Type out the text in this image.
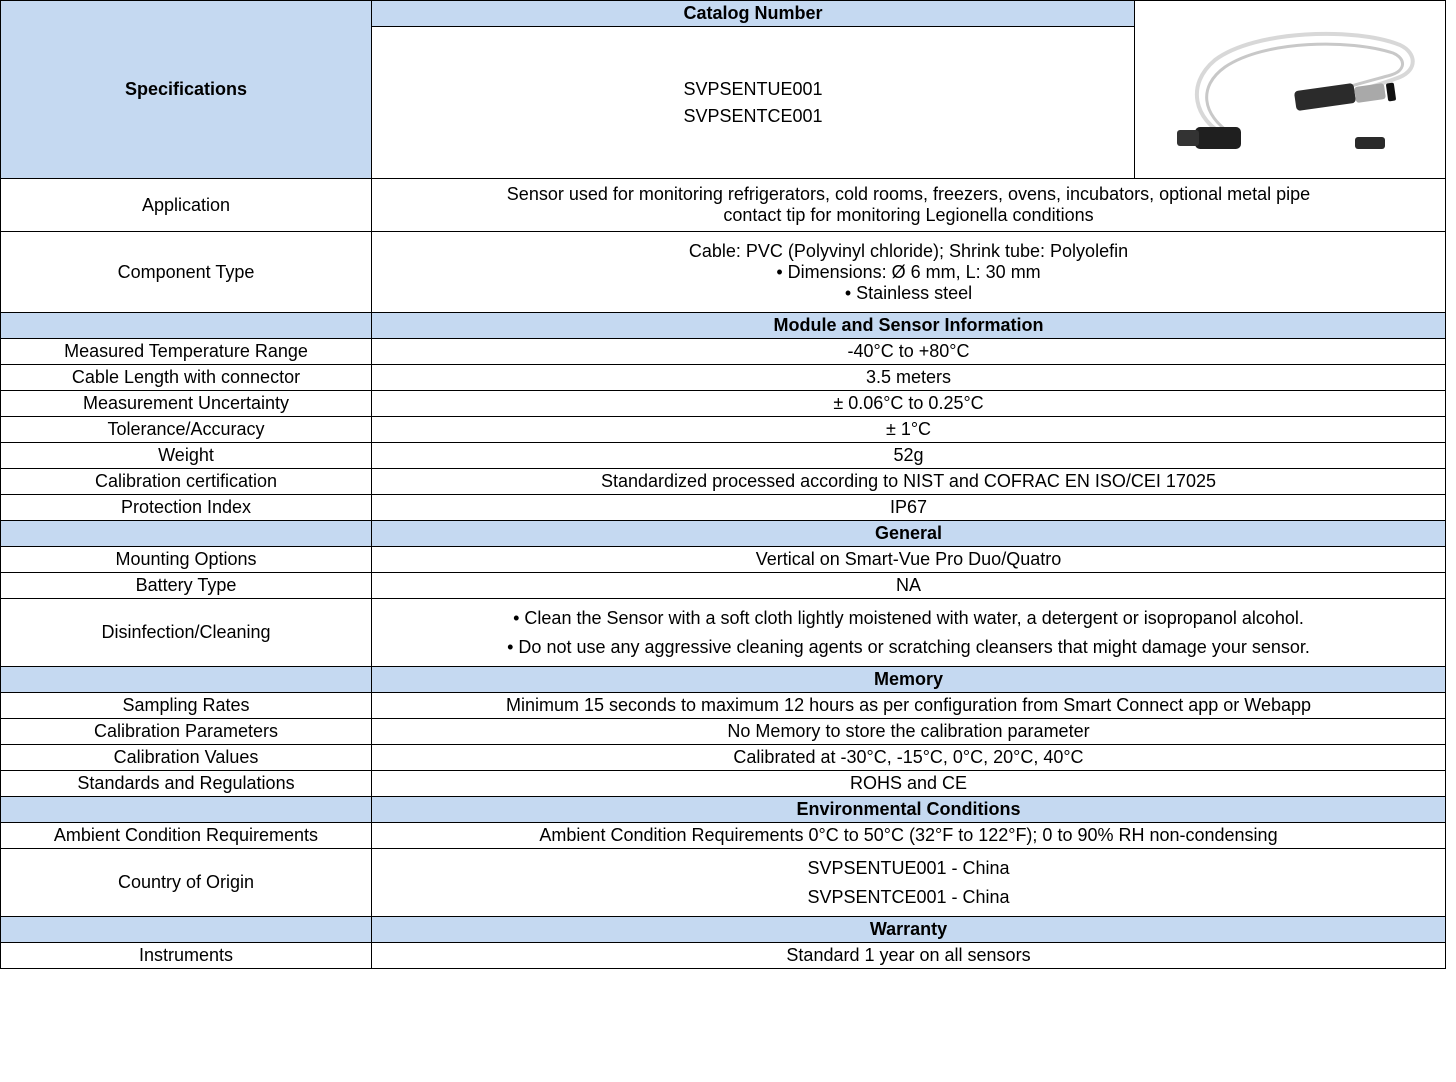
Specifications	Catalog Number	

	SVPSENTUE001
SVPSENTCE001	

Application	Sensor used for monitoring refrigerators, cold rooms, freezers, ovens, incubators, optional metal pipe
contact tip for monitoring Legionella conditions	

Component Type	Cable: PVC (Polyvinyl chloride); Shrink tube: Polyolefin
• Dimensions: Ø 6 mm, L: 30 mm
• Stainless steel	

	Module and Sensor Information	
Measured Temperature Range	-40°C to +80°C	
Cable Length with connector	3.5 meters	
Measurement Uncertainty	± 0.06°C to 0.25°C	
Tolerance/Accuracy	± 1°C	
Weight	52g	
Calibration certification	Standardized processed according to NIST and COFRAC EN ISO/CEI 17025	
Protection Index	IP67	
	General	
Mounting Options	Vertical on Smart-Vue Pro Duo/Quatro	
Battery Type	NA	
Disinfection/Cleaning	• Clean the Sensor with a soft cloth lightly moistened with water, a detergent or isopropanol alcohol.
• Do not use any aggressive cleaning agents or scratching cleansers that might damage your sensor.	

	Memory	
Sampling Rates	Minimum 15 seconds to maximum 12 hours as per configuration from Smart Connect app or Webapp	
Calibration Parameters	No Memory to store the calibration parameter	
Calibration Values	Calibrated at -30°C, -15°C, 0°C, 20°C, 40°C	
Standards and Regulations	ROHS and CE	
	Environmental Conditions	
Ambient Condition Requirements	Ambient Condition Requirements 0°C to 50°C (32°F to 122°F); 0 to 90% RH non-condensing	
Country of Origin	SVPSENTUE001 - China
SVPSENTCE001 - China	

	Warranty	
Instruments	Standard 1 year on all sensors	
